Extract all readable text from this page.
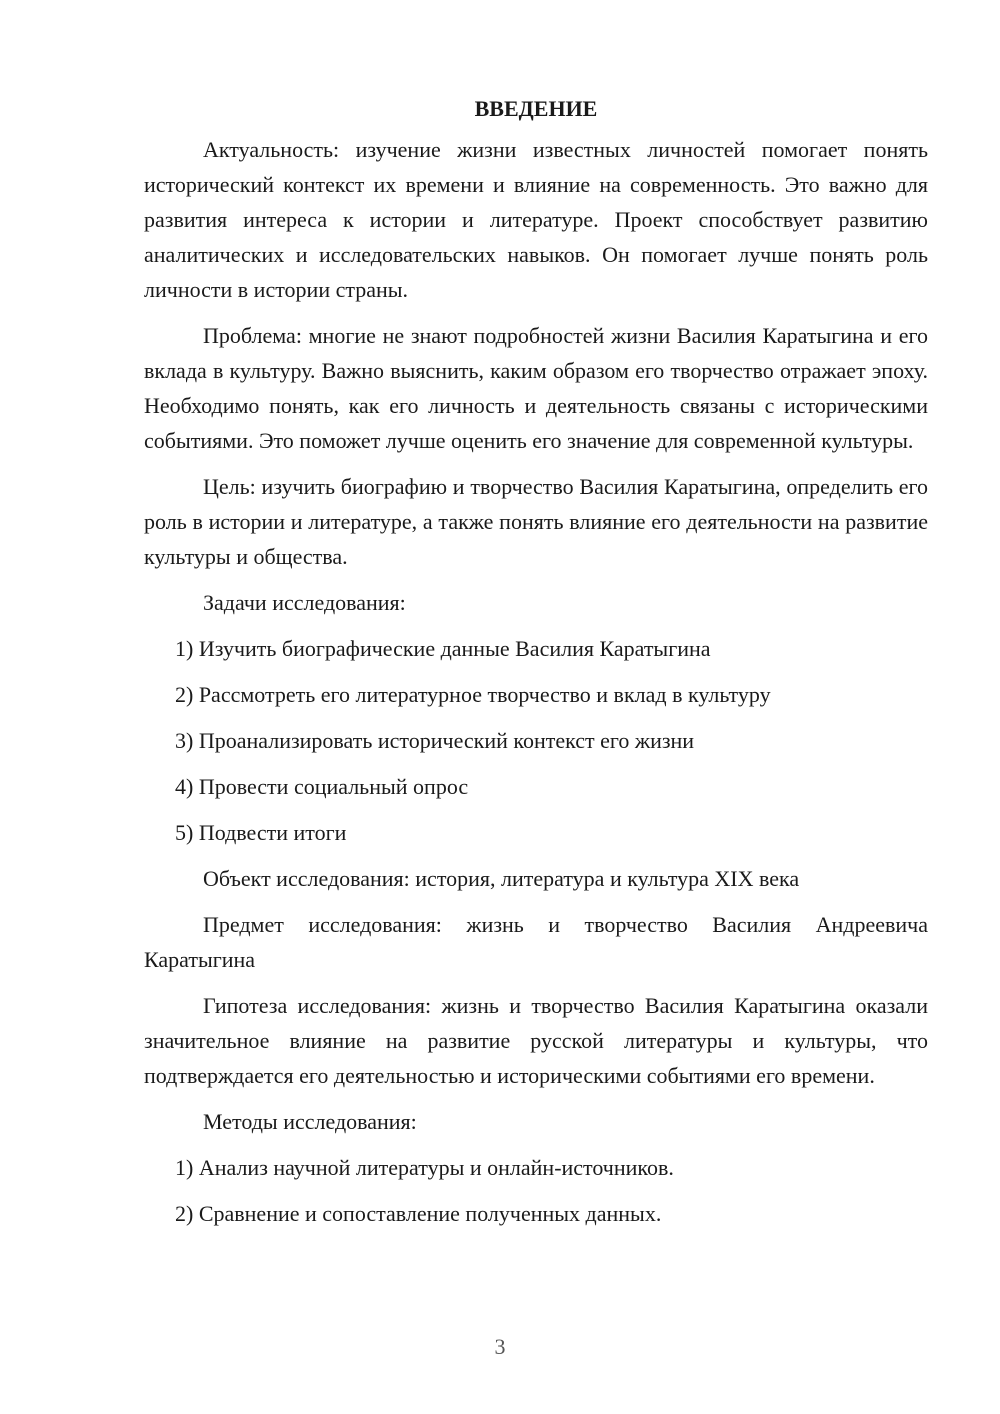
ВВЕДЕНИЕ

Актуальность: изучение жизни известных личностей помогает понять исторический контекст их времени и влияние на современность. Это важно для развития интереса к истории и литературе. Проект способствует развитию аналитических и исследовательских навыков. Он помогает лучше понять роль личности в истории страны.

Проблема: многие не знают подробностей жизни Василия Каратыгина и его вклада в культуру. Важно выяснить, каким образом его творчество отражает эпоху. Необходимо понять, как его личность и деятельность связаны с историческими событиями. Это поможет лучше оценить его значение для современной культуры.

Цель: изучить биографию и творчество Василия Каратыгина, определить его роль в истории и литературе, а также понять влияние его деятельности на развитие культуры и общества.

Задачи исследования:
1) Изучить биографические данные Василия Каратыгина
2) Рассмотреть его литературное творчество и вклад в культуру
3) Проанализировать исторический контекст его жизни
4) Провести социальный опрос
5) Подвести итоги
Объект исследования: история, литература и культура XIX века

Предмет исследования: жизнь и творчество Василия Андреевича Каратыгина

Гипотеза исследования: жизнь и творчество Василия Каратыгина оказали значительное влияние на развитие русской литературы и культуры, что подтверждается его деятельностью и историческими событиями его времени.

Методы исследования:
1) Анализ научной литературы и онлайн-источников.
2) Сравнение и сопоставление полученных данных.
3
